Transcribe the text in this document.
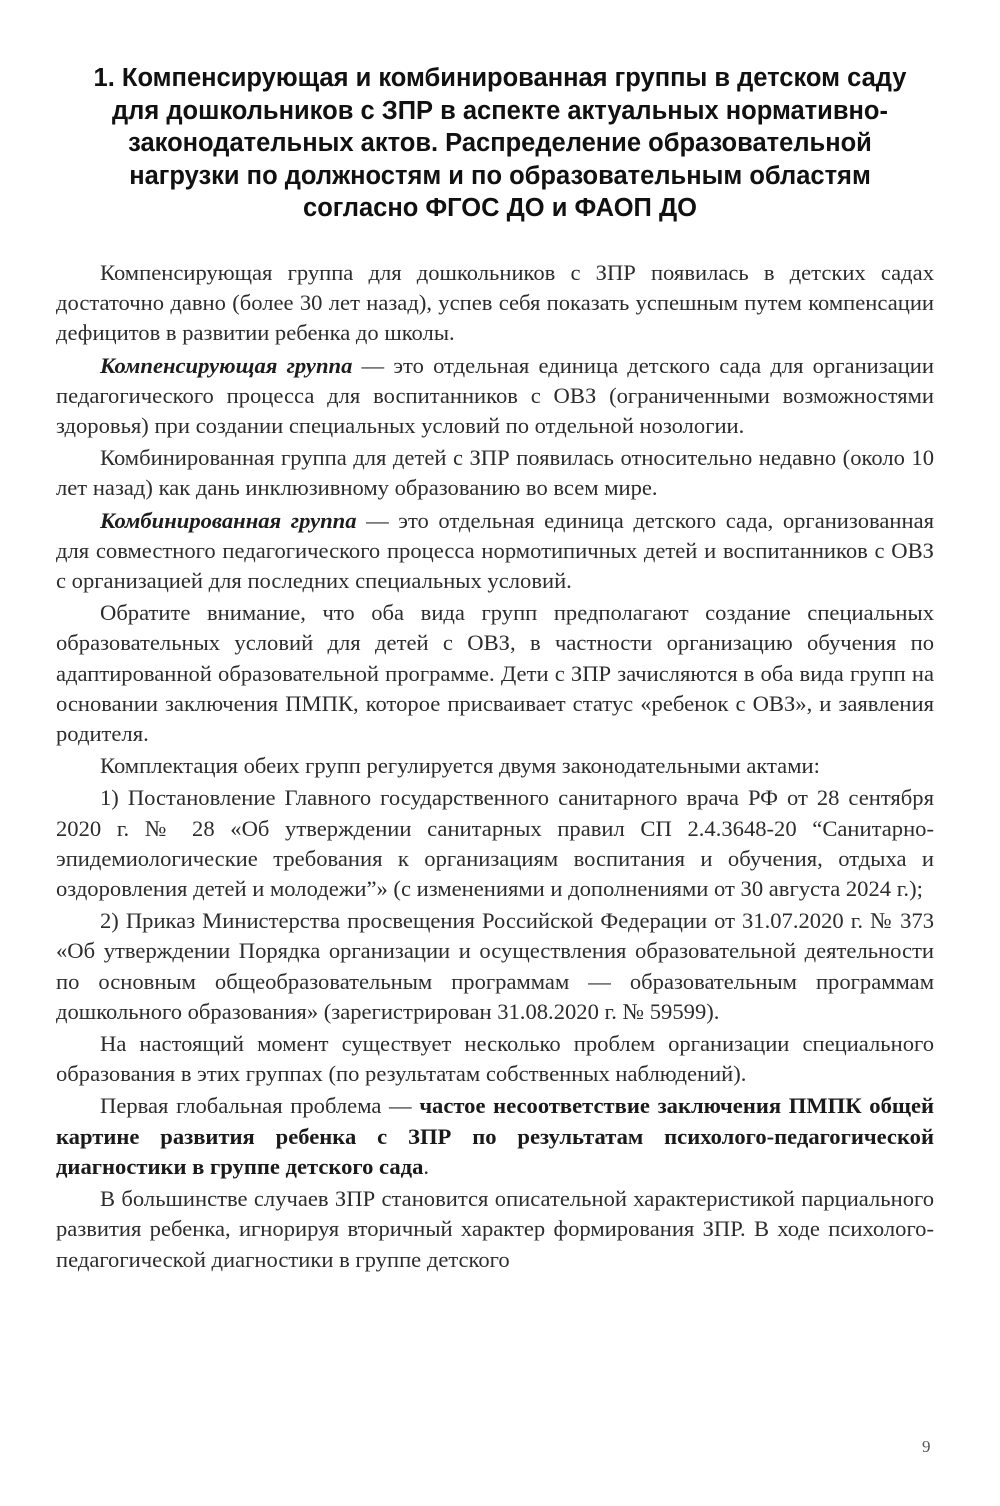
1. Компенсирующая и комбинированная группы в детском саду для дошкольников с ЗПР в аспекте актуальных нормативно-законодательных актов. Распределение образовательной нагрузки по должностям и по образовательным областям согласно ФГОС ДО и ФАОП ДО

Компенсирующая группа для дошкольников с ЗПР появилась в детских садах достаточно давно (более 30 лет назад), успев себя показать успешным путем компенсации дефицитов в развитии ребенка до школы.

Компенсирующая группа — это отдельная единица детского сада для организации педагогического процесса для воспитанников с ОВЗ (ограниченными возможностями здоровья) при создании специальных условий по отдельной нозологии.

Комбинированная группа для детей с ЗПР появилась относительно недавно (около 10 лет назад) как дань инклюзивному образованию во всем мире.

Комбинированная группа — это отдельная единица детского сада, организованная для совместного педагогического процесса нормотипичных детей и воспитанников с ОВЗ с организацией для последних специальных условий.

Обратите внимание, что оба вида групп предполагают создание специальных образовательных условий для детей с ОВЗ, в частности организацию обучения по адаптированной образовательной программе. Дети с ЗПР зачисляются в оба вида групп на основании заключения ПМПК, которое присваивает статус «ребенок с ОВЗ», и заявления родителя.

Комплектация обеих групп регулируется двумя законодательными актами:

1) Постановление Главного государственного санитарного врача РФ от 28 сентября 2020 г. № 28 «Об утверждении санитарных правил СП 2.4.3648-20 “Санитарно-эпидемиологические требования к организациям воспитания и обучения, отдыха и оздоровления детей и молодежи”» (с изменениями и дополнениями от 30 августа 2024 г.);

2) Приказ Министерства просвещения Российской Федерации от 31.07.2020 г. № 373 «Об утверждении Порядка организации и осуществления образовательной деятельности по основным общеобразовательным программам — образовательным программам дошкольного образования» (зарегистрирован 31.08.2020 г. № 59599).

На настоящий момент существует несколько проблем организации специального образования в этих группах (по результатам собственных наблюдений).

Первая глобальная проблема — частое несоответствие заключения ПМПК общей картине развития ребенка с ЗПР по результатам психолого-педагогической диагностики в группе детского сада.

В большинстве случаев ЗПР становится описательной характеристикой парциального развития ребенка, игнорируя вторичный характер формирования ЗПР. В ходе психолого-педагогической диагностики в группе детского

9
